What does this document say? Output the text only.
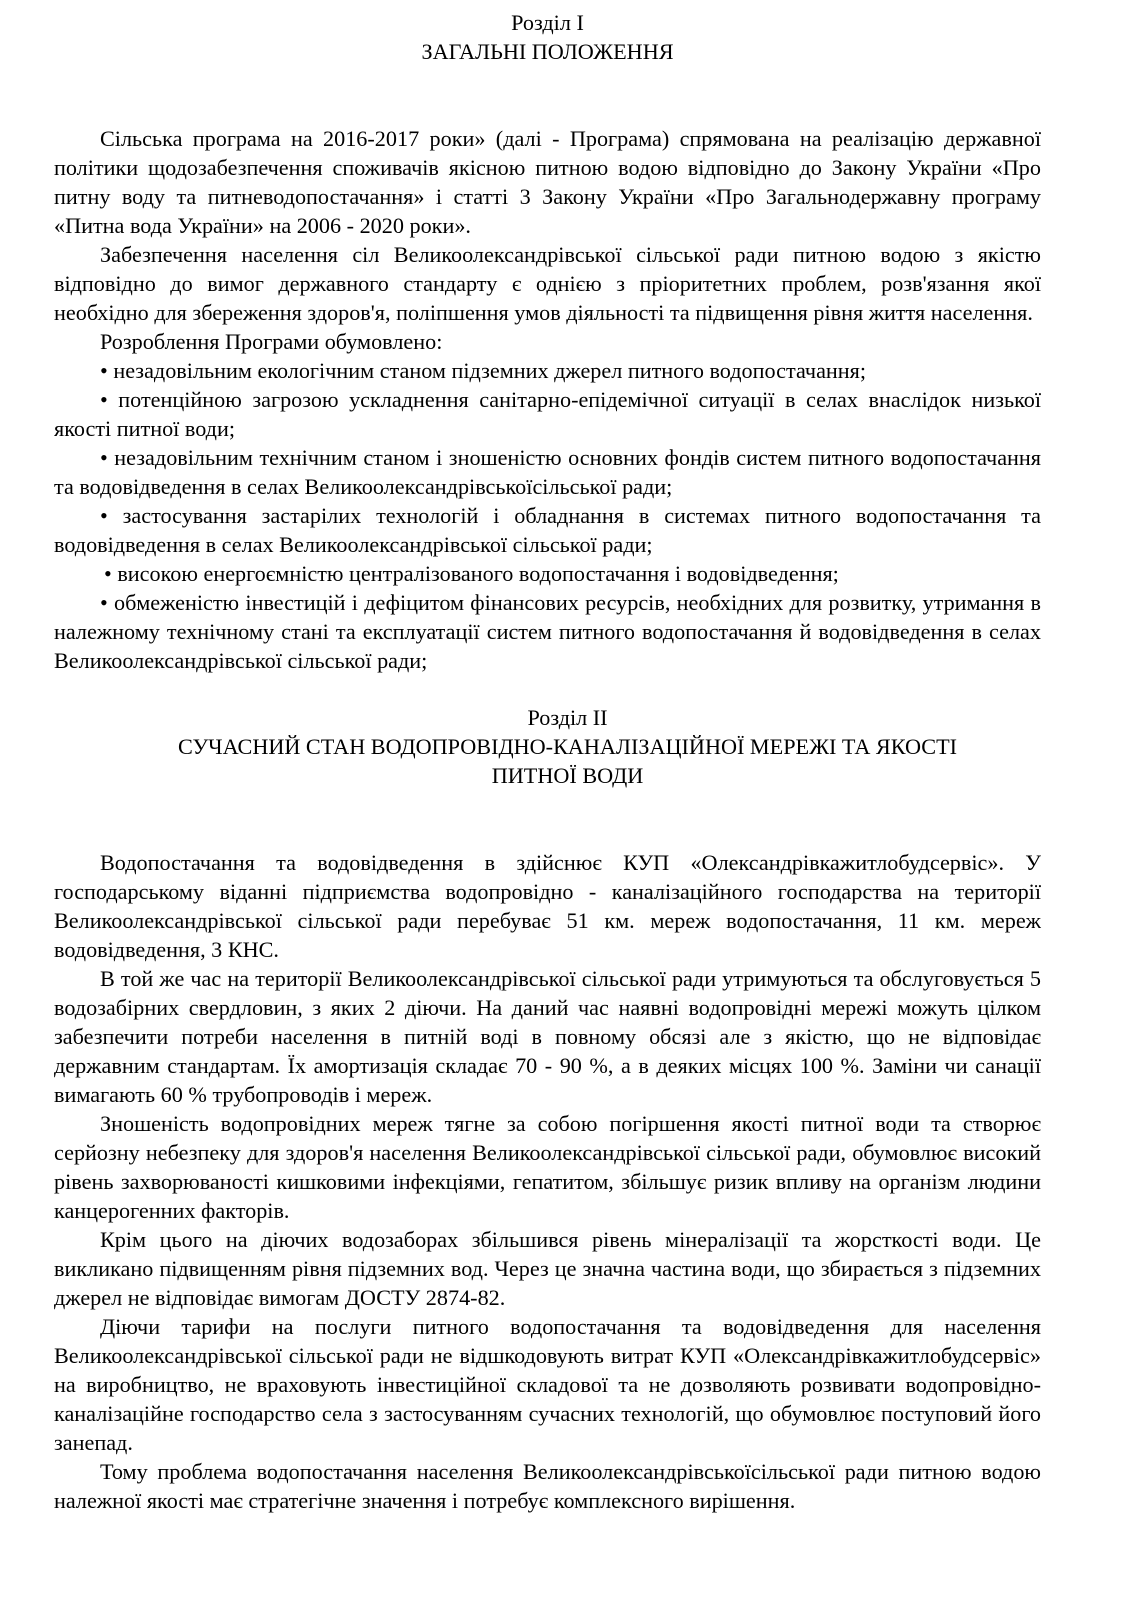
Розділ І
ЗАГАЛЬНІ ПОЛОЖЕННЯ

Сільська програма на 2016-2017 роки» (далі - Програма) спрямована на реалізацію державної політики щодозабезпечення споживачів якісною питною водою відповідно до Закону України «Про питну воду та питневодопостачання» і статті 3 Закону України «Про Загальнодержавну програму «Питна вода України» на 2006 - 2020 роки».

Забезпечення населення сіл Великоолександрівської сільської ради питною водою з якістю відповідно до вимог державного стандарту є однією з пріоритетних проблем, розв'язання якої необхідно для збереження здоров'я, поліпшення умов діяльності та підвищення рівня життя населення.

Розроблення Програми обумовлено:

• незадовільним екологічним станом підземних джерел питного водопостачання;

• потенційною загрозою ускладнення санітарно-епідемічної ситуації в селах внаслідок низької якості питної води;

• незадовільним технічним станом і зношеністю основних фондів систем питного водопостачання та водовідведення в селах Великоолександрівськоїсільської ради;

• застосування застарілих технологій і обладнання в системах питного водопостачання та водовідведення в селах Великоолександрівської сільської ради;

• високою енергоємністю централізованого водопостачання і водовідведення;

• обмеженістю інвестицій і дефіцитом фінансових ресурсів, необхідних для розвитку, утримання в належному технічному стані та експлуатації систем питного водопостачання й водовідведення в селах Великоолександрівської сільської ради;

Розділ ІІ
СУЧАСНИЙ СТАН ВОДОПРОВІДНО-КАНАЛІЗАЦІЙНОЇ МЕРЕЖІ ТА ЯКОСТІ
ПИТНОЇ ВОДИ

Водопостачання та водовідведення в здійснює КУП «Олександрівкажитлобудсервіс». У господарському віданні підприємства водопровідно - каналізаційного господарства на території Великоолександрівської сільської ради перебуває 51 км. мереж водопостачання, 11 км. мереж водовідведення, 3 КНС.

В той же час на території Великоолександрівської сільської ради утримуються та обслуговується 5 водозабірних свердловин, з яких 2 діючи. На даний час наявні водопровідні мережі можуть цілком забезпечити потреби населення в питній воді в повному обсязі але з якістю, що не відповідає державним стандартам. Їх амортизація складає 70 - 90 %, а в деяких місцях 100 %. Заміни чи санації вимагають 60 % трубопроводів і мереж.

Зношеність водопровідних мереж тягне за собою погіршення якості питної води та створює серйозну небезпеку для здоров'я населення Великоолександрівської сільської ради, обумовлює високий рівень захворюваності кишковими інфекціями, гепатитом, збільшує ризик впливу на організм людини канцерогенних факторів.

Крім цього на діючих водозаборах збільшився рівень мінералізації та жорсткості води. Це викликано підвищенням рівня підземних вод. Через це значна частина води, що збирається з підземних джерел не відповідає вимогам ДОСТУ 2874-82.

Діючи тарифи на послуги питного водопостачання та водовідведення для населення Великоолександрівської сільської ради не відшкодовують витрат КУП «Олександрівкажитлобудсервіс» на виробництво, не враховують інвестиційної складової та не дозволяють розвивати водопровідно-каналізаційне господарство села з застосуванням сучасних технологій, що обумовлює поступовий його занепад.

Тому проблема водопостачання населення Великоолександрівськоїсільської ради питною водою належної якості має стратегічне значення і потребує комплексного вирішення.
